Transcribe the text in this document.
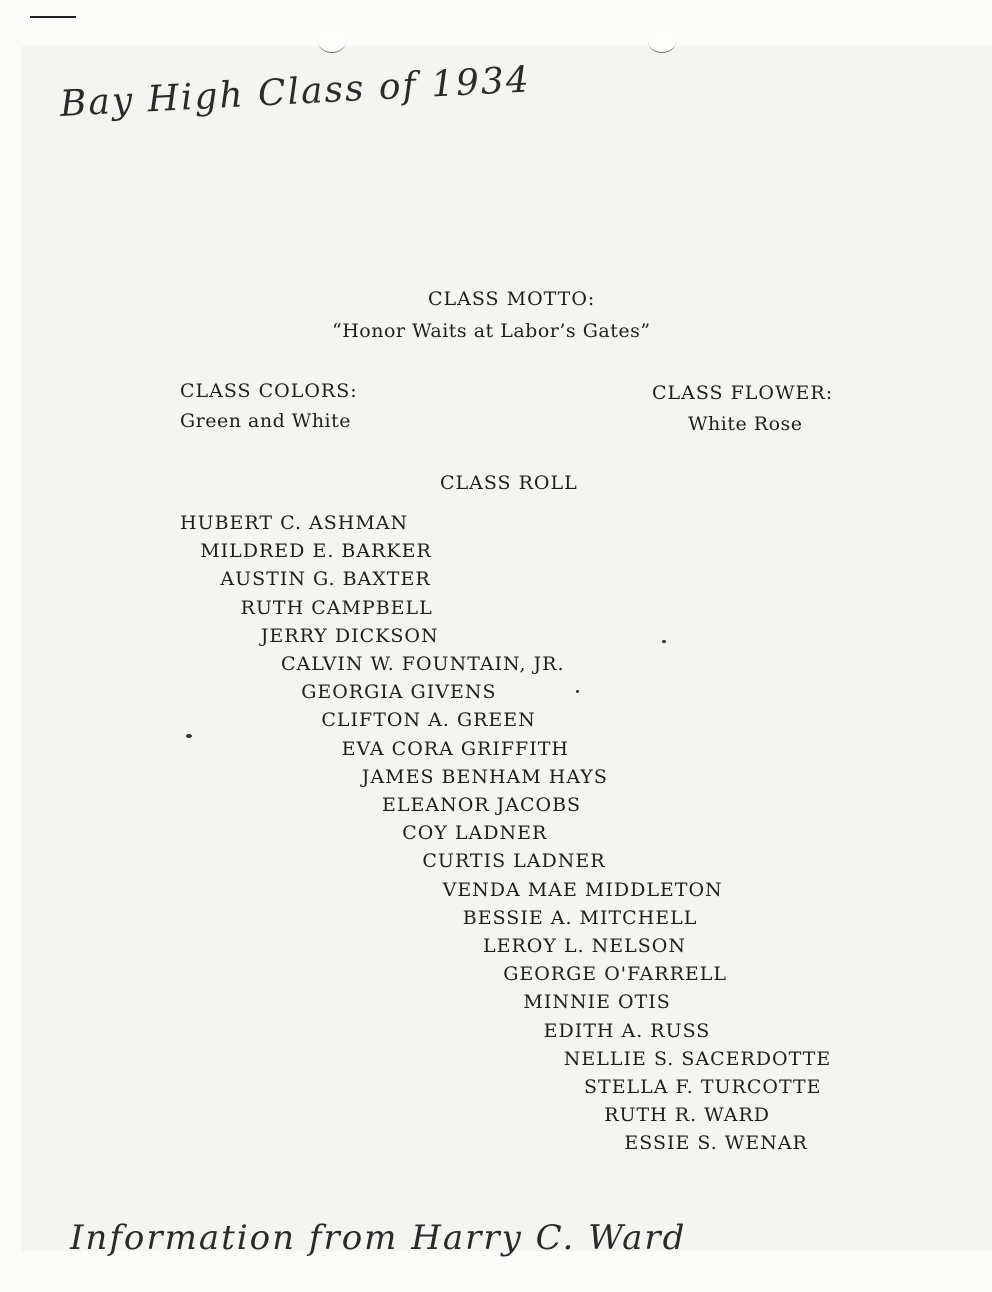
Bay High Class of 1934
CLASS MOTTO:
“Honor Waits at Labor’s Gates”
CLASS COLORS:
Green and White
CLASS FLOWER:
White Rose
CLASS ROLL
HUBERT C. ASHMAN
MILDRED E. BARKER
AUSTIN G. BAXTER
RUTH CAMPBELL
JERRY DICKSON
CALVIN W. FOUNTAIN, JR.
GEORGIA GIVENS
CLIFTON A. GREEN
EVA CORA GRIFFITH
JAMES BENHAM HAYS
ELEANOR JACOBS
COY LADNER
CURTIS LADNER
VENDA MAE MIDDLETON
BESSIE A. MITCHELL
LEROY L. NELSON
GEORGE O'FARRELL
MINNIE OTIS
EDITH A. RUSS
NELLIE S. SACERDOTTE
STELLA F. TURCOTTE
RUTH R. WARD
ESSIE S. WENAR
Information from Harry C. Ward
